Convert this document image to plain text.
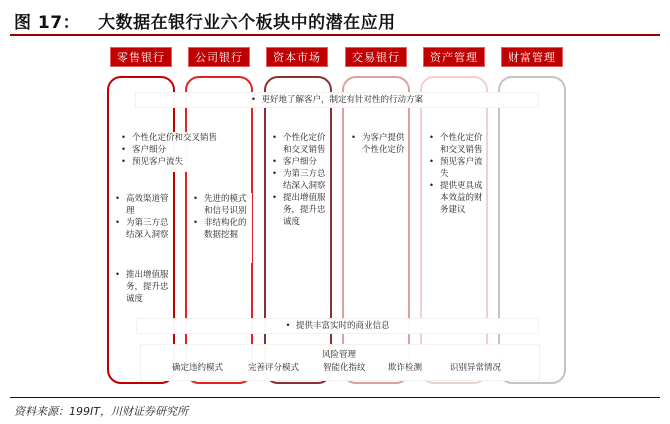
图 17： 大数据在银行业六个板块中的潜在应用
零售银行	公司银行	资本市场	交易银行	资产管理	财富管理
•  更好地了解客户，制定有针对性的行动方案
• 个性化定价和交叉销售
• 客户细分
• 预见客户流失
• 高效渠道管理
• 为第三方总结深入洞察
• 推出增值服务，提升忠诚度
• 先进的模式和信号识别
• 非结构化的数据挖掘
• 个性化定价和交叉销售
• 客户细分
• 为第三方总结深入洞察
• 提出增值服务，提升忠诚度
• 为客户提供个性化定价
• 个性化定价和交叉销售
• 预见客户流失
• 提供更具成本效益的财务建议
•  提供丰富实时的商业信息
风险管理
确定违约模式	完善评分模式	智能化指纹	欺诈检测	识别异常情况
资料来源：199IT，川财证券研究所
